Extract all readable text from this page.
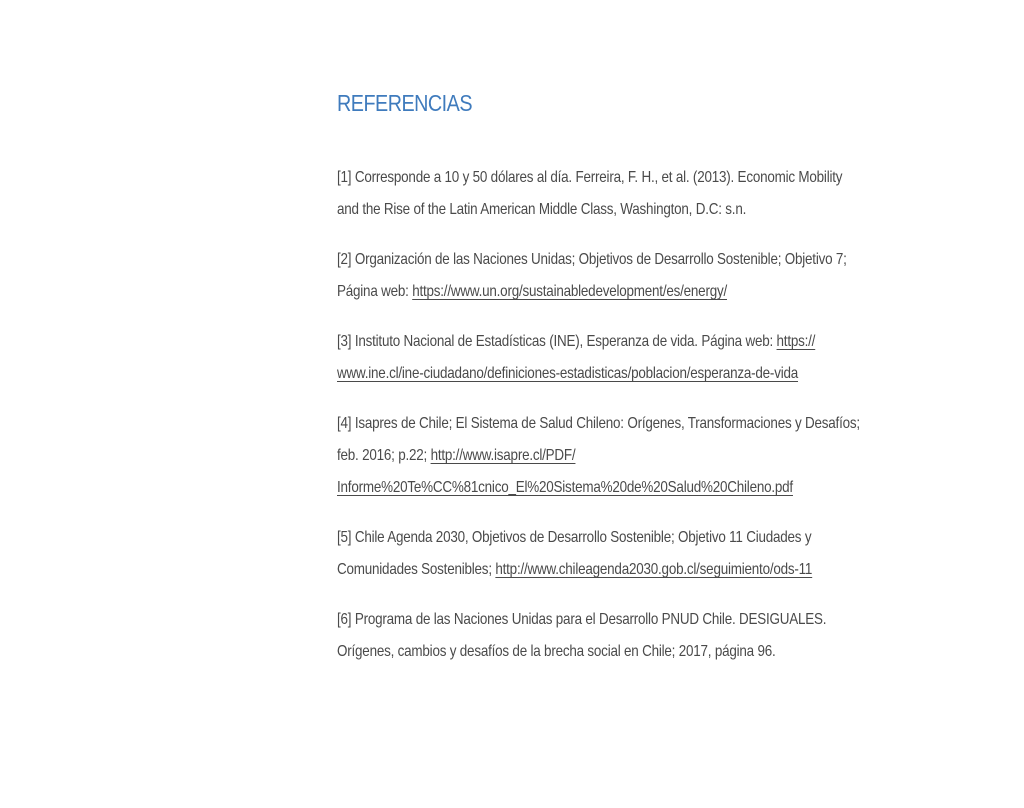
REFERENCIAS

[1] Corresponde a 10 y 50 dólares al día. Ferreira, F. H., et al. (2013). Economic Mobility
and the Rise of the Latin American Middle Class, Washington, D.C: s.n.

[2] Organización de las Naciones Unidas; Objetivos de Desarrollo Sostenible; Objetivo 7;
Página web: https://www.un.org/sustainabledevelopment/es/energy/

[3] Instituto Nacional de Estadísticas (INE), Esperanza de vida. Página web: https://
www.ine.cl/ine-ciudadano/definiciones-estadisticas/poblacion/esperanza-de-vida

[4] Isapres de Chile; El Sistema de Salud Chileno: Orígenes, Transformaciones y Desafíos;
feb. 2016; p.22; http://www.isapre.cl/PDF/
Informe%20Te%CC%81cnico_El%20Sistema%20de%20Salud%20Chileno.pdf

[5] Chile Agenda 2030, Objetivos de Desarrollo Sostenible; Objetivo 11 Ciudades y
Comunidades Sostenibles; http://www.chileagenda2030.gob.cl/seguimiento/ods-11

[6] Programa de las Naciones Unidas para el Desarrollo PNUD Chile. DESIGUALES.
Orígenes, cambios y desafíos de la brecha social en Chile; 2017, página 96.
